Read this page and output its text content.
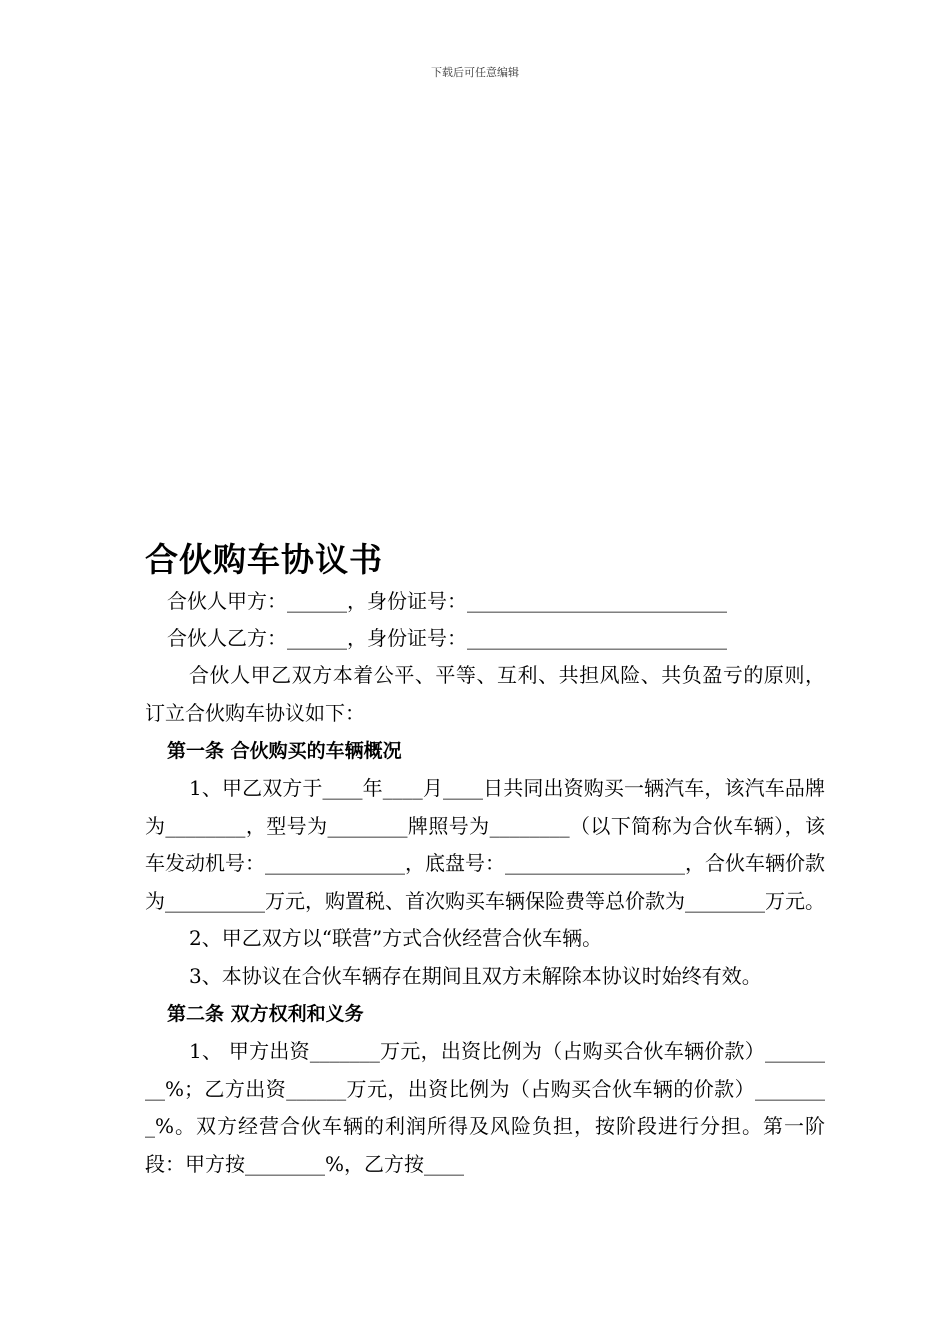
下载后可任意编辑
合伙购车协议书
合伙人甲方：______，身份证号：__________________________
合伙人乙方：______，身份证号：__________________________

合伙人甲乙双方本着公平、平等、互利、共担风险、共负盈亏的原则，订立合伙购车协议如下：

第一条 合伙购买的车辆概况

1、甲乙双方于____年____月____日共同出资购买一辆汽车，该汽车品牌为________，型号为________牌照号为________（以下简称为合伙车辆），该车发动机号：______________，底盘号：__________________，合伙车辆价款为__________万元，购置税、首次购买车辆保险费等总价款为________万元。

2、甲乙双方以“联营”方式合伙经营合伙车辆。

3、本协议在合伙车辆存在期间且双方未解除本协议时始终有效。

第二条 双方权利和义务

1、 甲方出资_______万元，出资比例为（占购买合伙车辆价款）________%；乙方出资______万元，出资比例为（占购买合伙车辆的价款）________%。双方经营合伙车辆的利润所得及风险负担，按阶段进行分担。第一阶段：甲方按________%，乙方按____
